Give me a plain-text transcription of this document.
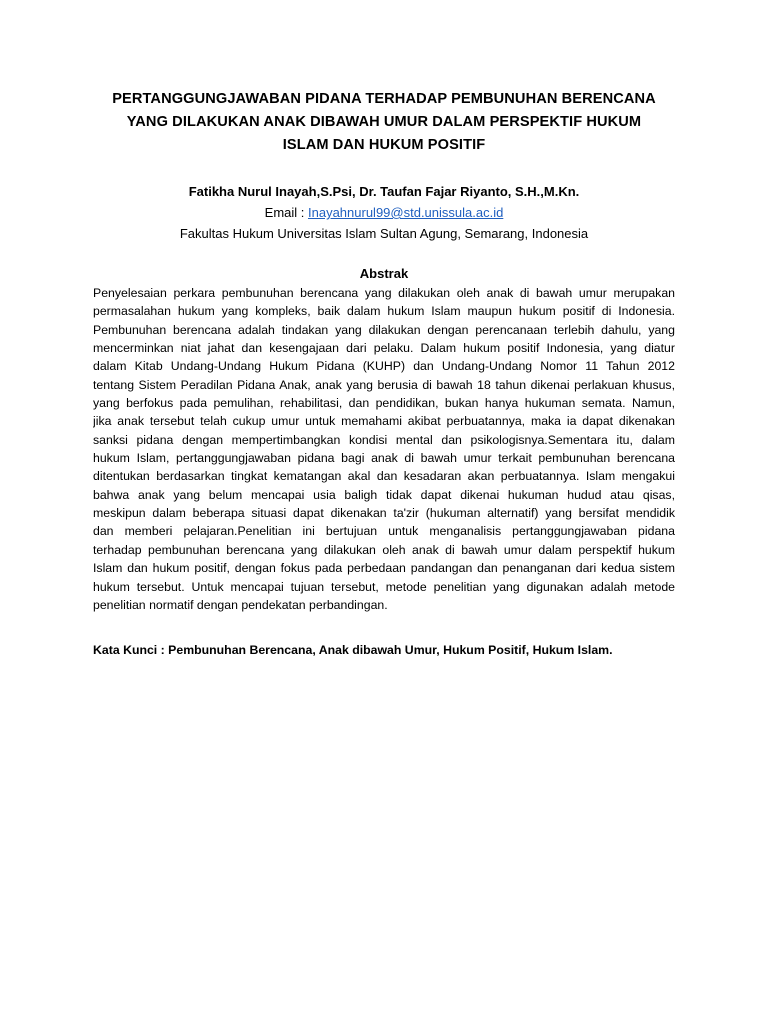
PERTANGGUNGJAWABAN PIDANA TERHADAP PEMBUNUHAN BERENCANA
YANG DILAKUKAN ANAK DIBAWAH UMUR DALAM PERSPEKTIF HUKUM
ISLAM DAN HUKUM POSITIF
Fatikha Nurul Inayah,S.Psi, Dr. Taufan Fajar Riyanto, S.H.,M.Kn.
Email : Inayahnurul99@std.unissula.ac.id
Fakultas Hukum Universitas Islam Sultan Agung, Semarang, Indonesia
Abstrak
Penyelesaian perkara pembunuhan berencana yang dilakukan oleh anak di bawah umur merupakan
permasalahan hukum yang kompleks, baik dalam hukum Islam maupun hukum positif di Indonesia.
Pembunuhan berencana adalah tindakan yang dilakukan dengan perencanaan terlebih dahulu, yang
mencerminkan niat jahat dan kesengajaan dari pelaku. Dalam hukum positif Indonesia, yang diatur
dalam Kitab Undang-Undang Hukum Pidana (KUHP) dan Undang-Undang Nomor 11 Tahun 2012
tentang Sistem Peradilan Pidana Anak, anak yang berusia di bawah 18 tahun dikenai perlakuan khusus,
yang berfokus pada pemulihan, rehabilitasi, dan pendidikan, bukan hanya hukuman semata. Namun,
jika anak tersebut telah cukup umur untuk memahami akibat perbuatannya, maka ia dapat dikenakan
sanksi pidana dengan mempertimbangkan kondisi mental dan psikologisnya.Sementara itu, dalam
hukum Islam, pertanggungjawaban pidana bagi anak di bawah umur terkait pembunuhan berencana
ditentukan berdasarkan tingkat kematangan akal dan kesadaran akan perbuatannya. Islam mengakui
bahwa anak yang belum mencapai usia baligh tidak dapat dikenai hukuman hudud atau qisas,
meskipun dalam beberapa situasi dapat dikenakan ta'zir (hukuman alternatif) yang bersifat mendidik
dan memberi pelajaran.Penelitian ini bertujuan untuk menganalisis pertanggungjawaban pidana
terhadap pembunuhan berencana yang dilakukan oleh anak di bawah umur dalam perspektif hukum
Islam dan hukum positif, dengan fokus pada perbedaan pandangan dan penanganan dari kedua sistem
hukum tersebut. Untuk mencapai tujuan tersebut, metode penelitian yang digunakan adalah metode
penelitian normatif dengan pendekatan perbandingan.
Kata Kunci : Pembunuhan Berencana, Anak dibawah Umur, Hukum Positif, Hukum Islam.
